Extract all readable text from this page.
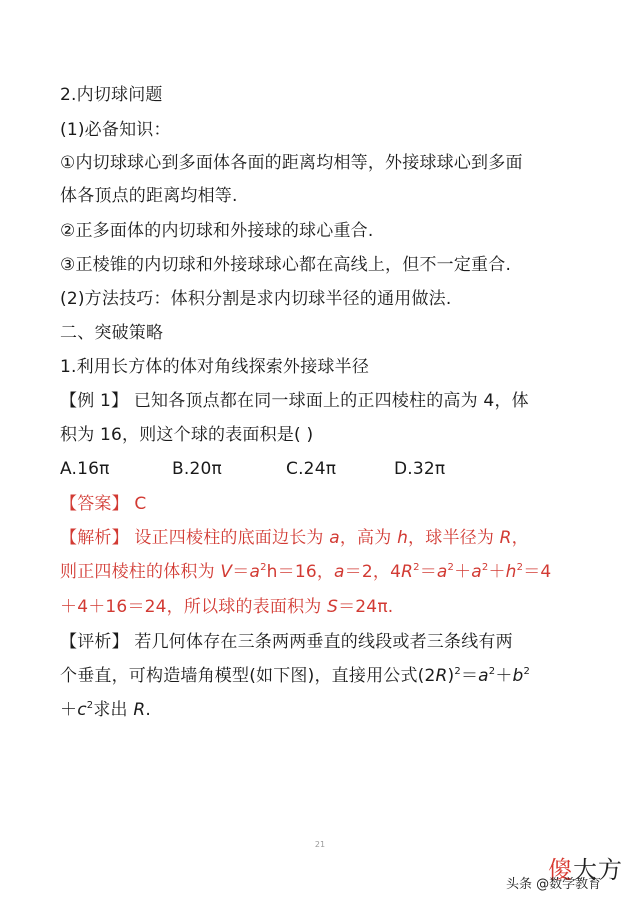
2.内切球问题
(1)必备知识：
①内切球球心到多面体各面的距离均相等，外接球球心到多面
体各顶点的距离均相等.
②正多面体的内切球和外接球的球心重合.
③正棱锥的内切球和外接球球心都在高线上，但不一定重合.
(2)方法技巧：体积分割是求内切球半径的通用做法.
二、突破策略
1.利用长方体的体对角线探索外接球半径
【例 1】 已知各顶点都在同一球面上的正四棱柱的高为 4，体
积为 16，则这个球的表面积是( )
A.16π	B.20π	C.24π	D.32π
【答案】 C
【解析】 设正四棱柱的底面边长为 a，高为 h，球半径为 R，
则正四棱柱的体积为 $V=a^2h=16$，a＝2，$4R^2=a^2+a^2+h^2=4$
＋4＋16＝24，所以球的表面积为 S＝24π.
【评析】 若几何体存在三条两两垂直的线段或者三条线有两
个垂直，可构造墙角模型(如下图)，直接用公式$(2R)^2=a^2+b^2$
$+c^2$求出 R.
21
傻大方
头条 @数学教育
